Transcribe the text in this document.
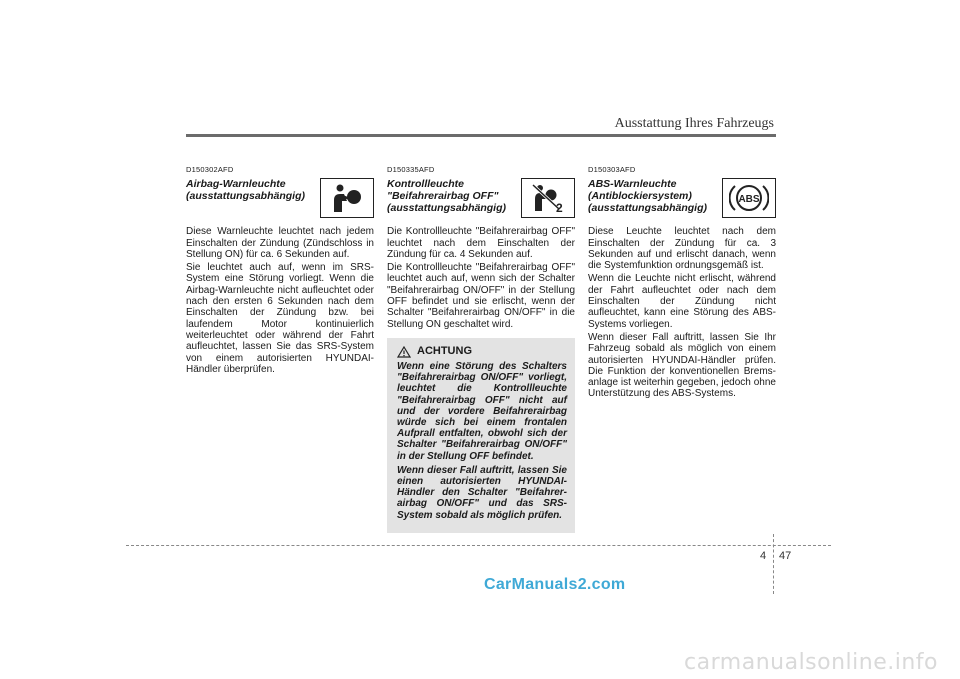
Ausstattung Ihres Fahrzeugs
D150302AFD
Airbag-Warnleuchte
(ausstattungsabhängig)

Diese Warnleuchte leuchtet nach jedem Einschalten der Zündung (Zündschloss in Stellung ON) für ca. 6 Sekunden auf.

Sie leuchtet auch auf, wenn im SRS-System eine Störung vorliegt. Wenn die Airbag-Warnleuchte nicht aufleuchtet oder nach den ersten 6 Sekunden nach dem Einschalten der Zündung bzw. bei laufendem Motor kontinuierlich weiterleuchtet oder während der Fahrt aufleuchtet, lassen Sie das SRS-System von einem autorisierten HYUNDAI-Händler überprüfen.

D150335AFD
Kontrollleuchte
"Beifahrerairbag OFF"
(ausstattungsabhängig)	2

Die Kontrollleuchte "Beifahrerairbag OFF" leuchtet nach dem Einschalten der Zündung für ca. 4 Sekunden auf.

Die Kontrollleuchte "Beifahrerairbag OFF" leuchtet auch auf, wenn sich der Schalter "Beifahrerairbag ON/OFF" in der Stellung OFF befindet und sie erlischt, wenn der Schalter "Beifahrerairbag ON/OFF" in die Stellung ON geschaltet wird.

ACHTUNG

Wenn eine Störung des Schalters "Beifahrerairbag ON/OFF" vorliegt, leuchtet die Kontrollleuchte "Beifahrerairbag OFF" nicht auf und der vordere Beifahrerairbag würde sich bei einem frontalen Aufprall entfalten, obwohl sich der Schalter "Beifahrerairbag ON/OFF" in der Stellung OFF befindet.

Wenn dieser Fall auftritt, lassen Sie einen autorisierten HYUNDAI-Händler den Schalter "Beifahrer-airbag ON/OFF" und das SRS-System sobald als möglich prüfen.

D150303AFD
ABS-Warnleuchte
(Antiblockiersystem)
(ausstattungsabhängig)
ABS

Diese Leuchte leuchtet nach dem Einschalten der Zündung für ca. 3 Sekunden auf und erlischt danach, wenn die Systemfunktion ordnungsgemäß ist.

Wenn die Leuchte nicht erlischt, während der Fahrt aufleuchtet oder nach dem Einschalten der Zündung nicht aufleuchtet, kann eine Störung des ABS-Systems vorliegen.

Wenn dieser Fall auftritt, lassen Sie Ihr Fahrzeug sobald als möglich von einem autorisierten HYUNDAI-Händler prüfen. Die Funktion der konventionellen Brems-anlage ist weiterhin gegeben, jedoch ohne Unterstützung des ABS-Systems.

4 47
CarManuals2.com
carmanualsonline.info
